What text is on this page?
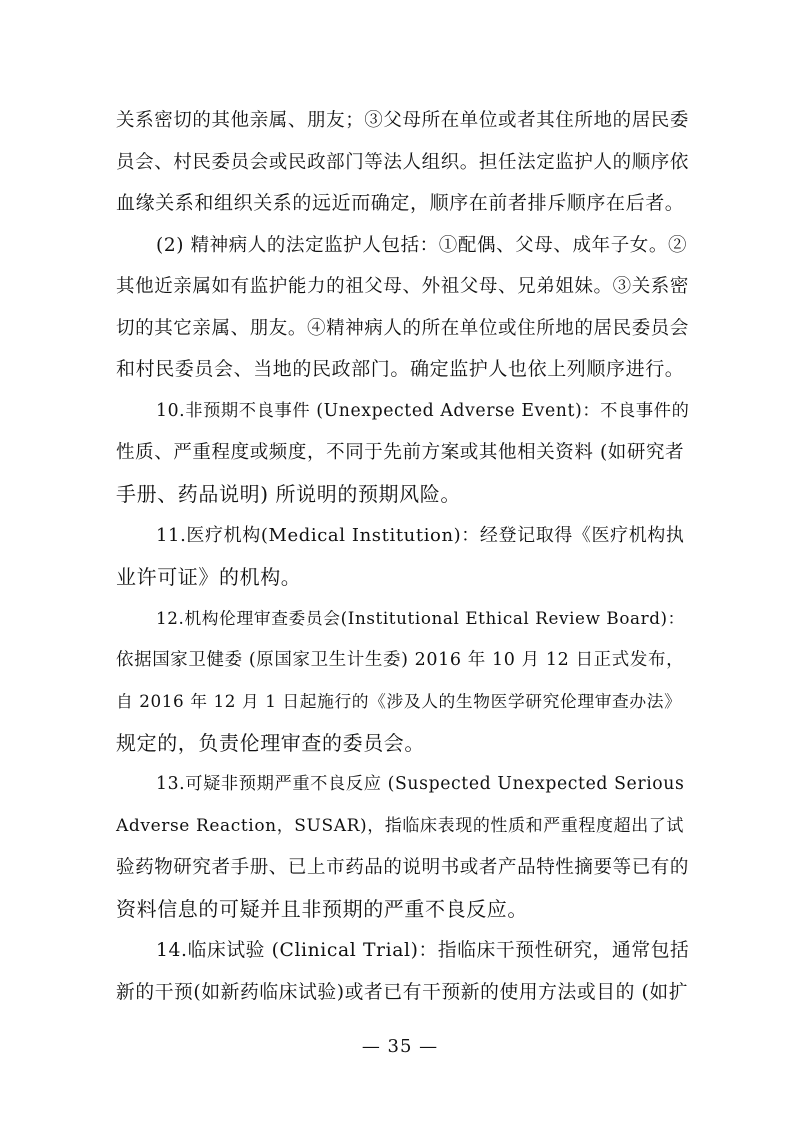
关系密切的其他亲属、朋友；③父母所在单位或者其住所地的居民委
员会、村民委员会或民政部门等法人组织。担任法定监护人的顺序依
血缘关系和组织关系的远近而确定，顺序在前者排斥顺序在后者。

(2) 精神病人的法定监护人包括：①配偶、父母、成年子女。②
其他近亲属如有监护能力的祖父母、外祖父母、兄弟姐妹。③关系密
切的其它亲属、朋友。④精神病人的所在单位或住所地的居民委员会
和村民委员会、当地的民政部门。确定监护人也依上列顺序进行。

10.非预期不良事件 (Unexpected Adverse Event)：不良事件的
性质、严重程度或频度，不同于先前方案或其他相关资料 (如研究者
手册、药品说明) 所说明的预期风险。

11.医疗机构(Medical Institution)：经登记取得《医疗机构执
业许可证》的机构。

12.机构伦理审查委员会(Institutional Ethical Review Board)：
依据国家卫健委 (原国家卫生计生委) 2016 年 10 月 12 日正式发布，
自 2016 年 12 月 1 日起施行的《涉及人的生物医学研究伦理审查办法》
规定的，负责伦理审查的委员会。

13.可疑非预期严重不良反应 (Suspected Unexpected Serious
Adverse Reaction，SUSAR)，指临床表现的性质和严重程度超出了试
验药物研究者手册、已上市药品的说明书或者产品特性摘要等已有的
资料信息的可疑并且非预期的严重不良反应。

14.临床试验 (Clinical Trial)：指临床干预性研究，通常包括
新的干预(如新药临床试验)或者已有干预新的使用方法或目的 (如扩

— 35 —
